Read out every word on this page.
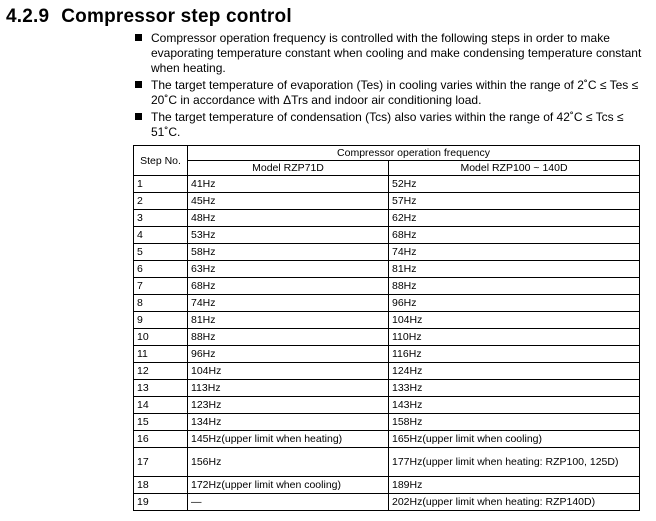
4.2.9 Compressor step control
Compressor operation frequency is controlled with the following steps in order to make evaporating temperature constant when cooling and make condensing temperature constant when heating.
The target temperature of evaporation (Tes) in cooling varies within the range of 2˚C ≤ Tes ≤ 20˚C in accordance with ΔTrs and indoor air conditioning load.
The target temperature of condensation (Tcs) also varies within the range of 42˚C ≤ Tcs ≤ 51˚C.
Step No.	Compressor operation frequency	
	Model RZP71D	Model RZP100 ~ 140D
1	41Hz	52Hz
2	45Hz	57Hz
3	48Hz	62Hz
4	53Hz	68Hz
5	58Hz	74Hz
6	63Hz	81Hz
7	68Hz	88Hz
8	74Hz	96Hz
9	81Hz	104Hz
10	88Hz	110Hz
11	96Hz	116Hz
12	104Hz	124Hz
13	113Hz	133Hz
14	123Hz	143Hz
15	134Hz	158Hz
16	145Hz(upper limit when heating)	165Hz(upper limit when cooling)
17	156Hz	177Hz(upper limit when heating: RZP100, 125D)
18	172Hz(upper limit when cooling)	189Hz
19	—	202Hz(upper limit when heating: RZP140D)
